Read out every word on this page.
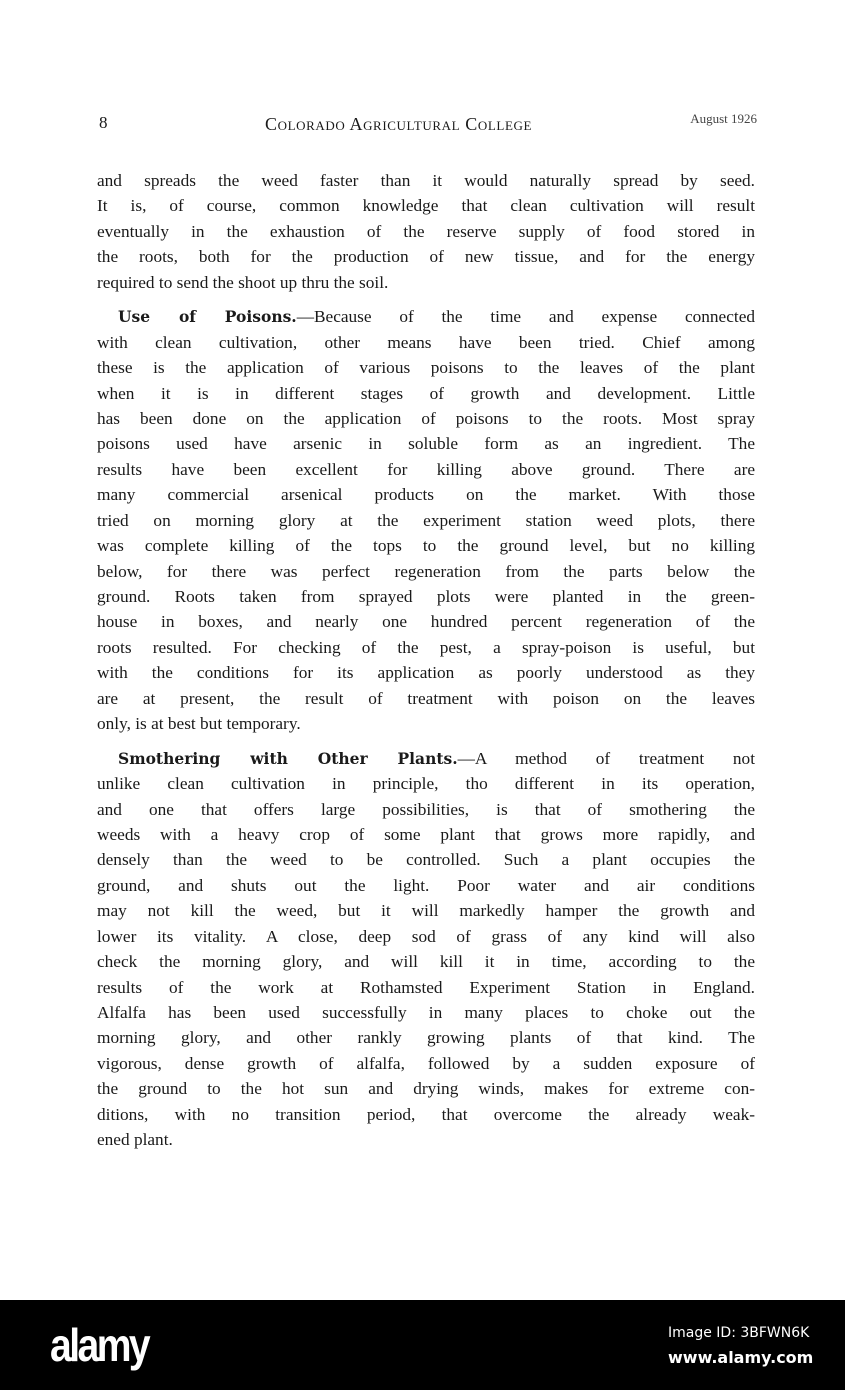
8	Colorado Agricultural College	August 1926
and spreads the weed faster than it would naturally spread by seed.
It is, of course, common knowledge that clean cultivation will result
eventually in the exhaustion of the reserve supply of food stored in
the roots, both for the production of new tissue, and for the energy
required to send the shoot up thru the soil.
Use of Poisons.—Because of the time and expense connected
with clean cultivation, other means have been tried. Chief among
these is the application of various poisons to the leaves of the plant
when it is in different stages of growth and development. Little
has been done on the application of poisons to the roots. Most spray
poisons used have arsenic in soluble form as an ingredient. The
results have been excellent for killing above ground. There are
many commercial arsenical products on the market. With those
tried on morning glory at the experiment station weed plots, there
was complete killing of the tops to the ground level, but no killing
below, for there was perfect regeneration from the parts below the
ground. Roots taken from sprayed plots were planted in the green-
house in boxes, and nearly one hundred percent regeneration of the
roots resulted. For checking of the pest, a spray-poison is useful, but
with the conditions for its application as poorly understood as they
are at present, the result of treatment with poison on the leaves
only, is at best but temporary.
Smothering with Other Plants.—A method of treatment not
unlike clean cultivation in principle, tho different in its operation,
and one that offers large possibilities, is that of smothering the
weeds with a heavy crop of some plant that grows more rapidly, and
densely than the weed to be controlled. Such a plant occupies the
ground, and shuts out the light. Poor water and air conditions
may not kill the weed, but it will markedly hamper the growth and
lower its vitality. A close, deep sod of grass of any kind will also
check the morning glory, and will kill it in time, according to the
results of the work at Rothamsted Experiment Station in England.
Alfalfa has been used successfully in many places to choke out the
morning glory, and other rankly growing plants of that kind. The
vigorous, dense growth of alfalfa, followed by a sudden exposure of
the ground to the hot sun and drying winds, makes for extreme con-
ditions, with no transition period, that overcome the already weak-
ened plant.
alamy	Image ID: 3BFWN6K
www.alamy.com
